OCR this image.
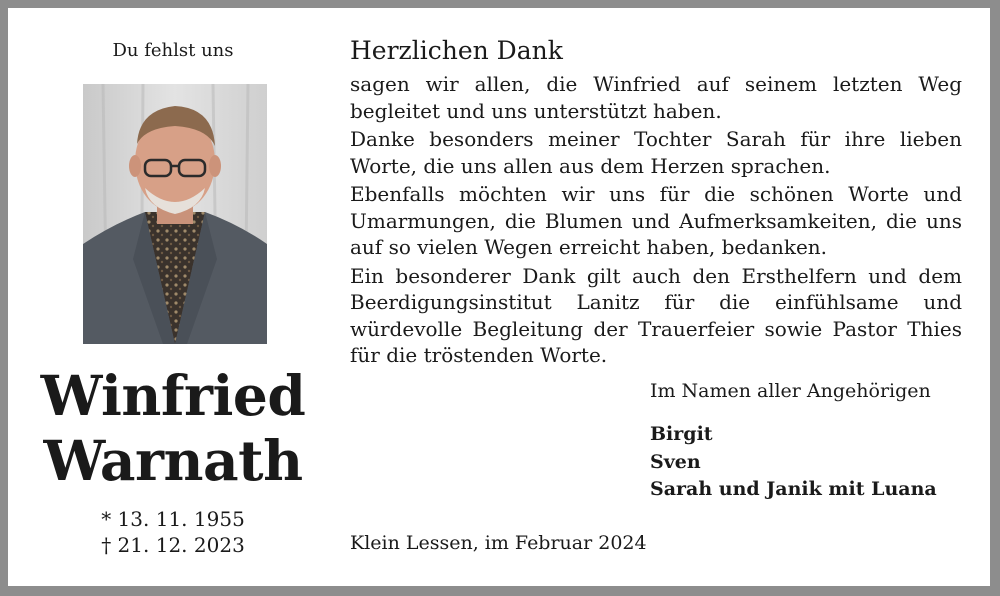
Du fehlst uns
Winfried
Warnath
* 13. 11. 1955
† 21. 12. 2023
Herzlichen Dank

sagen wir allen, die Winfried auf seinem letzten Weg begleitet und uns unterstützt haben.

Danke besonders meiner Tochter Sarah für ihre lieben Worte, die uns allen aus dem Herzen sprachen.

Ebenfalls möchten wir uns für die schönen Worte und Umarmungen, die Blumen und Aufmerksamkeiten, die uns auf so vielen Wegen erreicht haben, bedanken.

Ein besonderer Dank gilt auch den Ersthelfern und dem Beerdigungsinstitut Lanitz für die einfühlsame und würdevolle Begleitung der Trauerfeier sowie Pastor Thies für die tröstenden Worte.

Im Namen aller Angehörigen
Birgit
Sven
Sarah und Janik mit Luana
Klein Lessen, im Februar 2024
